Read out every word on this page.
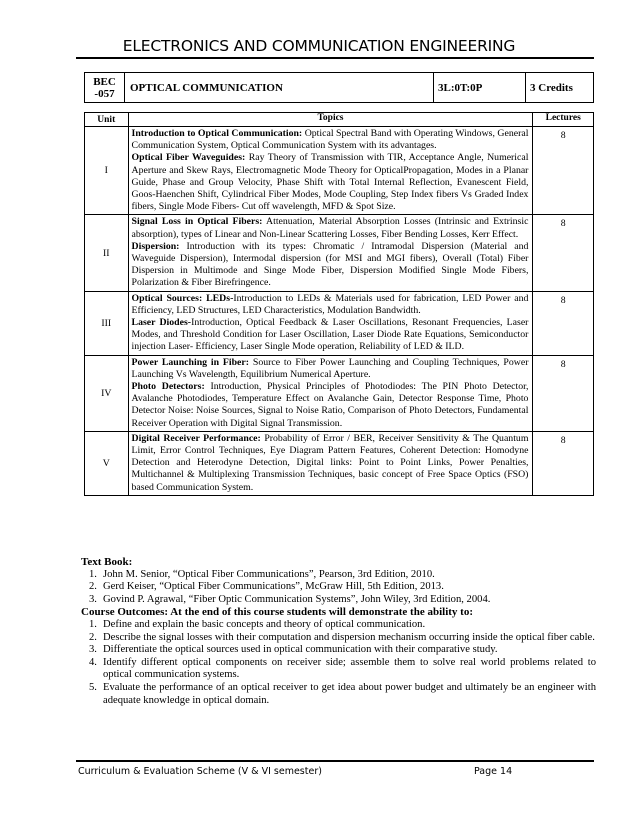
ELECTRONICS AND COMMUNICATION ENGINEERING
BEC
-057	OPTICAL COMMUNICATION	3L:0T:0P	3 Credits
Unit	Topics	Lectures
I	Introduction to Optical Communication: Optical Spectral Band with Operating Windows, General Communication System, Optical Communication System with its advantages.

Optical Fiber Waveguides: Ray Theory of Transmission with TIR, Acceptance Angle, Numerical Aperture and Skew Rays, Electromagnetic Mode Theory for OpticalPropagation, Modes in a Planar Guide, Phase and Group Velocity, Phase Shift with Total Internal Reflection, Evanescent Field, Goos-Haenchen Shift, Cylindrical Fiber Modes, Mode Coupling, Step Index fibers Vs Graded Index fibers, Single Mode Fibers- Cut off wavelength, MFD & Spot Size.	8
II	Signal Loss in Optical Fibers: Attenuation, Material Absorption Losses (Intrinsic and Extrinsic absorption), types of Linear and Non-Linear Scattering Losses, Fiber Bending Losses, Kerr Effect.

Dispersion: Introduction with its types: Chromatic / Intramodal Dispersion (Material and Waveguide Dispersion), Intermodal dispersion (for MSI and MGI fibers), Overall (Total) Fiber Dispersion in Multimode and Singe Mode Fiber, Dispersion Modified Single Mode Fibers, Polarization & Fiber Birefringence.	8
III	Optical Sources: LEDs-Introduction to LEDs & Materials used for fabrication, LED Power and Efficiency, LED Structures, LED Characteristics, Modulation Bandwidth.

Laser Diodes-Introduction, Optical Feedback & Laser Oscillations, Resonant Frequencies, Laser Modes, and Threshold Condition for Laser Oscillation, Laser Diode Rate Equations, Semiconductor injection Laser- Efficiency, Laser Single Mode operation, Reliability of LED & ILD.	8
IV	Power Launching in Fiber: Source to Fiber Power Launching and Coupling Techniques, Power Launching Vs Wavelength, Equilibrium Numerical Aperture.

Photo Detectors: Introduction, Physical Principles of Photodiodes: The PIN Photo Detector, Avalanche Photodiodes, Temperature Effect on Avalanche Gain, Detector Response Time, Photo Detector Noise: Noise Sources, Signal to Noise Ratio, Comparison of Photo Detectors, Fundamental Receiver Operation with Digital Signal Transmission.	8
V	Digital Receiver Performance: Probability of Error / BER, Receiver Sensitivity & The Quantum Limit, Error Control Techniques, Eye Diagram Pattern Features, Coherent Detection: Homodyne Detection and Heterodyne Detection, Digital links: Point to Point Links, Power Penalties, Multichannel & Multiplexing Transmission Techniques, basic concept of Free Space Optics (FSO) based Communication System.	8
Text Book:
1. John M. Senior, “Optical Fiber Communications”, Pearson, 3rd Edition, 2010.
2. Gerd Keiser, “Optical Fiber Communications”, McGraw Hill, 5th Edition, 2013.
3. Govind P. Agrawal, “Fiber Optic Communication Systems”, John Wiley, 3rd Edition, 2004.
Course Outcomes: At the end of this course students will demonstrate the ability to:
1. Define and explain the basic concepts and theory of optical communication.
2. Describe the signal losses with their computation and dispersion mechanism occurring inside the optical fiber cable.
3. Differentiate the optical sources used in optical communication with their comparative study.
4. Identify different optical components on receiver side; assemble them to solve real world problems related to optical communication systems.
5. Evaluate the performance of an optical receiver to get idea about power budget and ultimately be an engineer with adequate knowledge in optical domain.
Curriculum & Evaluation Scheme (V & VI semester)	Page 14
